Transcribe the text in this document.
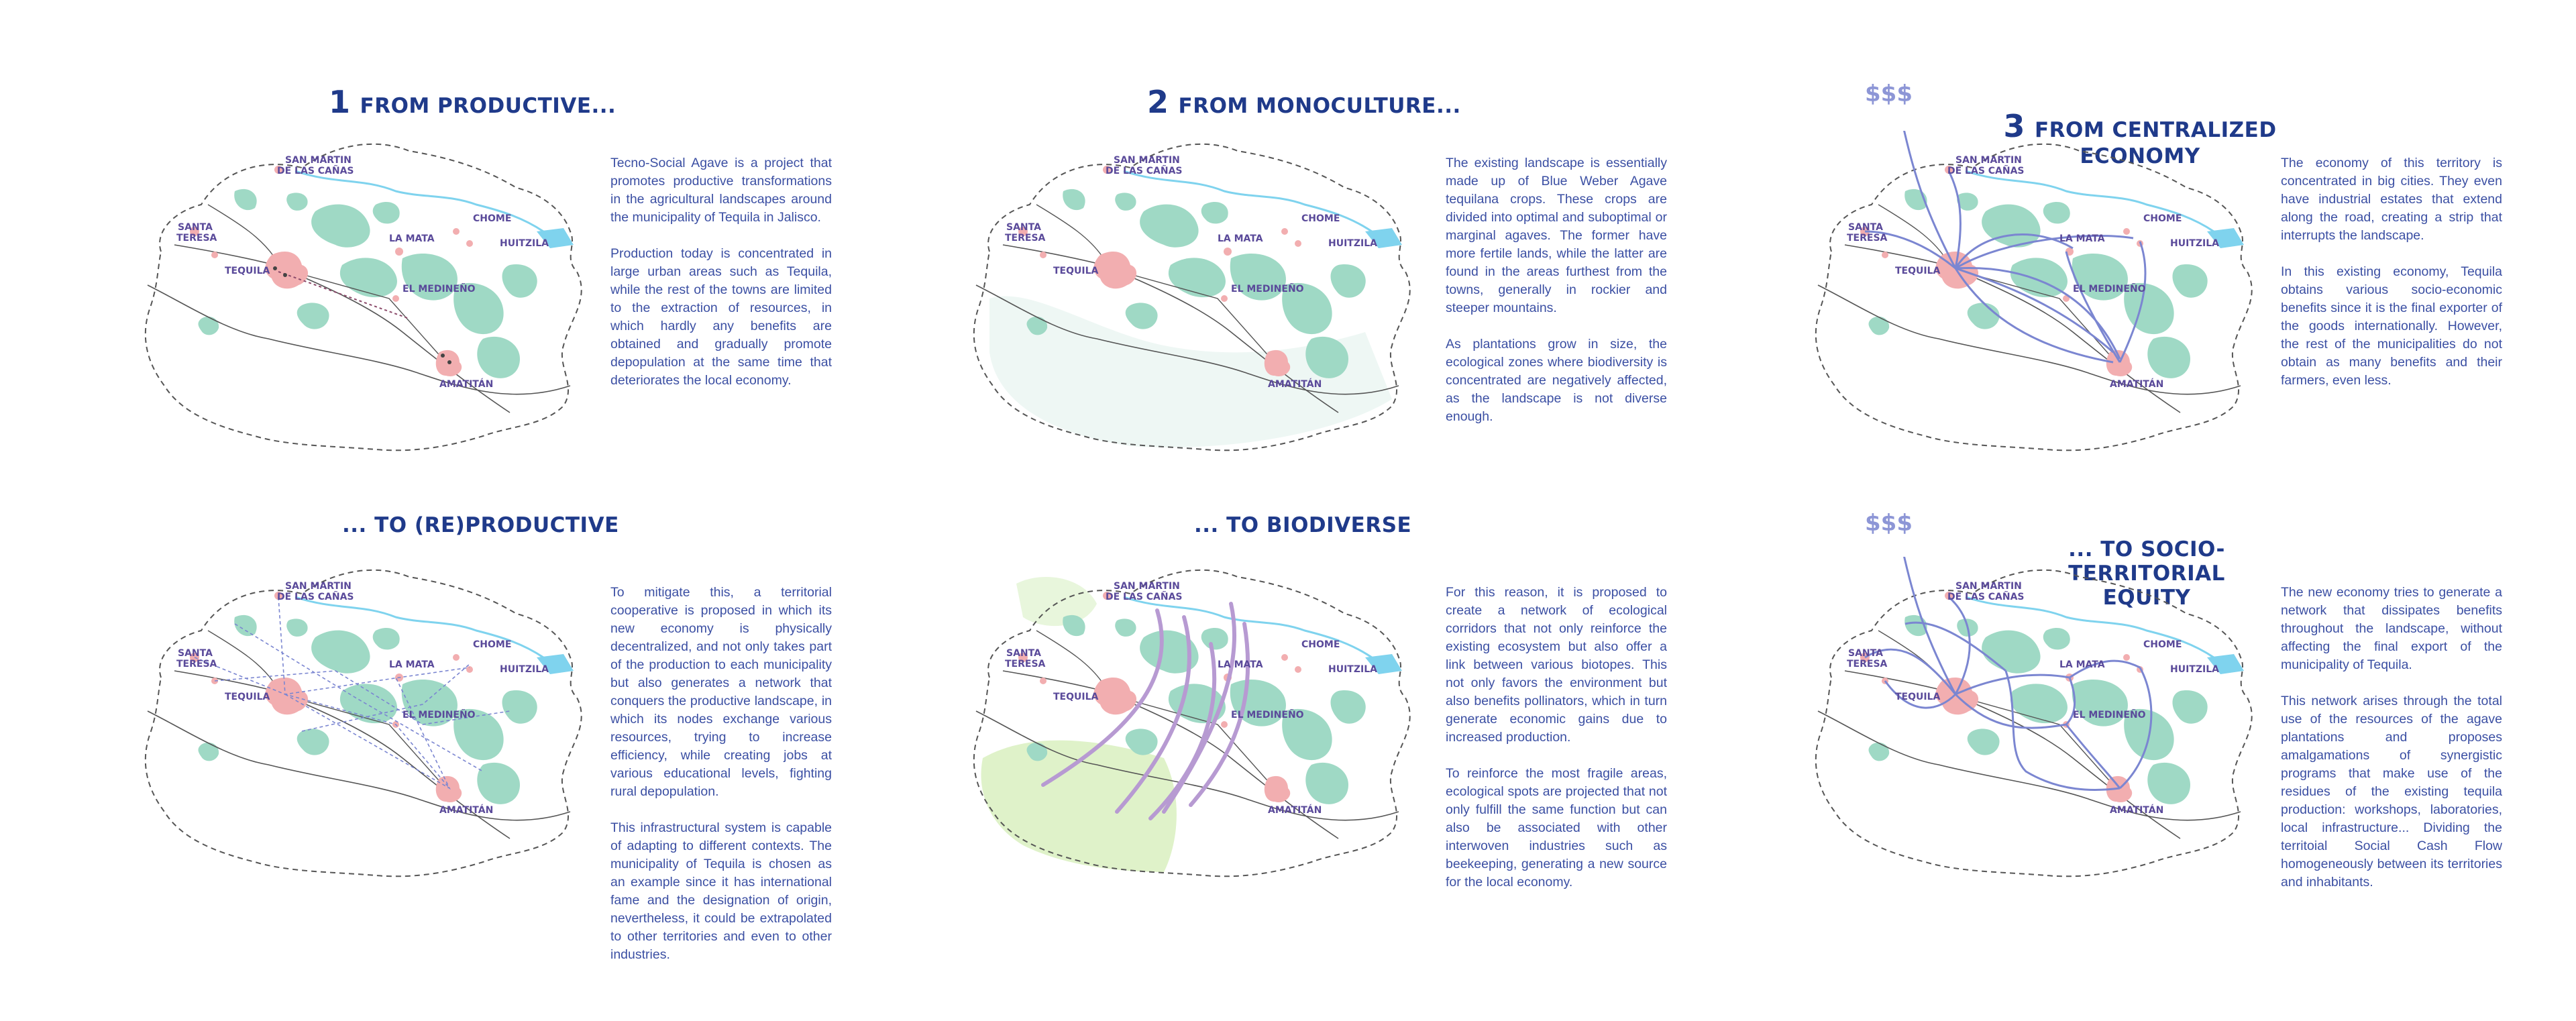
1 FROM PRODUCTIVE...

Tecno-Social Agave is a project that promotes productive transformations in the agricultural landscapes around the municipality of Tequila in Jalisco.

Production today is concentrated in large urban areas such as Tequila, while the rest of the towns are limited to the extraction of resources, in which hardly any benefits are obtained and gradually promote depopulation at the same time that deteriorates the local economy.

2 FROM MONOCULTURE...

The existing landscape is essentially made up of Blue Weber Agave tequilana crops. These crops are divided into optimal and suboptimal or marginal agaves. The former have more fertile lands, while the latter are found in the areas furthest from the towns, generally in rockier and steeper mountains.

As plantations grow in size, the ecological zones where biodiversity is concentrated are negatively affected, as the landscape is not diverse enough.

$$$

3 FROM CENTRALIZED
ECONOMY	The economy of this territory is concentrated in big cities. They even have industrial estates that extend along the road, creating a strip that interrupts the landscape.

In this existing economy, Tequila obtains various socio-economic benefits since it is the final exporter of the goods internationally. However, the rest of the municipalities do not obtain as many benefits and their farmers, even less.

... TO (RE)PRODUCTIVE

To mitigate this, a territorial cooperative is proposed in which its new economy is physically decentralized, and not only takes part of the production to each municipality but also generates a network that conquers the productive landscape, in which its nodes exchange various resources, trying to increase efficiency, while creating jobs at various educational levels, fighting rural depopulation.

This infrastructural system is capable of adapting to different contexts. The municipality of Tequila is chosen as an example since it has international fame and the designation of origin, nevertheless, it could be extrapolated to other territories and even to other industries.

... TO BIODIVERSE

For this reason, it is proposed to create a network of ecological corridors that not only reinforce the existing ecosystem but also offer a link between various biotopes. This not only favors the environment but also benefits pollinators, which in turn generate economic gains due to increased production.

To reinforce the most fragile areas, ecological spots are projected that not only fulfill the same function but can also be associated with other interwoven industries such as beekeeping, generating a new source for the local economy.

$$$

... TO SOCIO-TERRITORIAL
EQUITY	The new economy tries to generate a network that dissipates benefits throughout the landscape, without affecting the final export of the municipality of Tequila.

This network arises through the total use of the resources of the agave plantations and proposes amalgamations of synergistic programs that make use of the residues of the existing tequila production: workshops, laboratories, local infrastructure... Dividing the territoial Social Cash Flow homogeneously between its territories and inhabitants.
